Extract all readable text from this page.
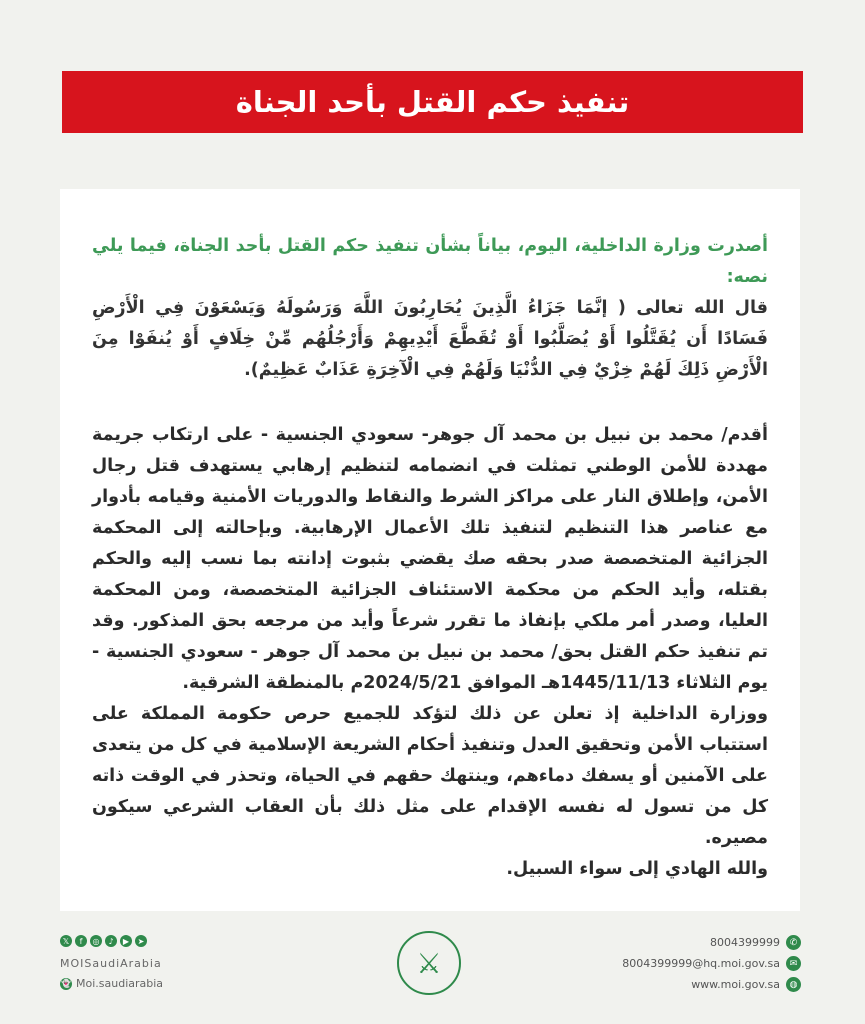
تنفيذ حكم القتل بأحد الجناة

أصدرت وزارة الداخلية، اليوم، بياناً بشأن تنفيذ حكم القتل بأحد الجناة، فيما يلي نصه:

قال الله تعالى ( إنَّمَا جَزَاءُ الَّذِينَ يُحَارِبُونَ اللَّهَ وَرَسُولَهُ وَيَسْعَوْنَ فِي الْأَرْضِ فَسَادًا أَن يُقَتَّلُوا أَوْ يُصَلَّبُوا أَوْ تُقَطَّعَ أَيْدِيهِمْ وَأَرْجُلُهُم مِّنْ خِلَافٍ أَوْ يُنفَوْا مِنَ الْأَرْضِ ذَلِكَ لَهُمْ خِزْيٌ فِي الدُّنْيَا وَلَهُمْ فِي الْآخِرَةِ عَذَابٌ عَظِيمٌ).

أقدم/ محمد بن نبيل بن محمد آل جوهر- سعودي الجنسية - على ارتكاب جريمة مهددة للأمن الوطني تمثلت في انضمامه لتنظيم إرهابي يستهدف قتل رجال الأمن، وإطلاق النار على مراكز الشرط والنقاط والدوريات الأمنية وقيامه بأدوار مع عناصر هذا التنظيم لتنفيذ تلك الأعمال الإرهابية. وبإحالته إلى المحكمة الجزائية المتخصصة صدر بحقه صك يقضي بثبوت إدانته بما نسب إليه والحكم بقتله، وأيد الحكم من محكمة الاستئناف الجزائية المتخصصة، ومن المحكمة العليا، وصدر أمر ملكي بإنفاذ ما تقرر شرعاً وأيد من مرجعه بحق المذكور. وقد تم تنفيذ حكم القتل بحق/ محمد بن نبيل بن محمد آل جوهر - سعودي الجنسية - يوم الثلاثاء 1445/11/13هـ الموافق 2024/5/21م بالمنطقة الشرقية.

ووزارة الداخلية إذ تعلن عن ذلك لتؤكد للجميع حرص حكومة المملكة على استتباب الأمن وتحقيق العدل وتنفيذ أحكام الشريعة الإسلامية في كل من يتعدى على الآمنين أو يسفك دماءهم، وينتهك حقهم في الحياة، وتحذر في الوقت ذاته كل من تسول له نفسه الإقدام على مثل ذلك بأن العقاب الشرعي سيكون مصيره.

والله الهادي إلى سواء السبيل.

𝕏	f	◎	♪	▶	➤
MOISaudiArabia
👻 Moi.saudiarabia
⚔
8004399999	✆
8004399999@hq.moi.gov.sa	✉
www.moi.gov.sa	◍
